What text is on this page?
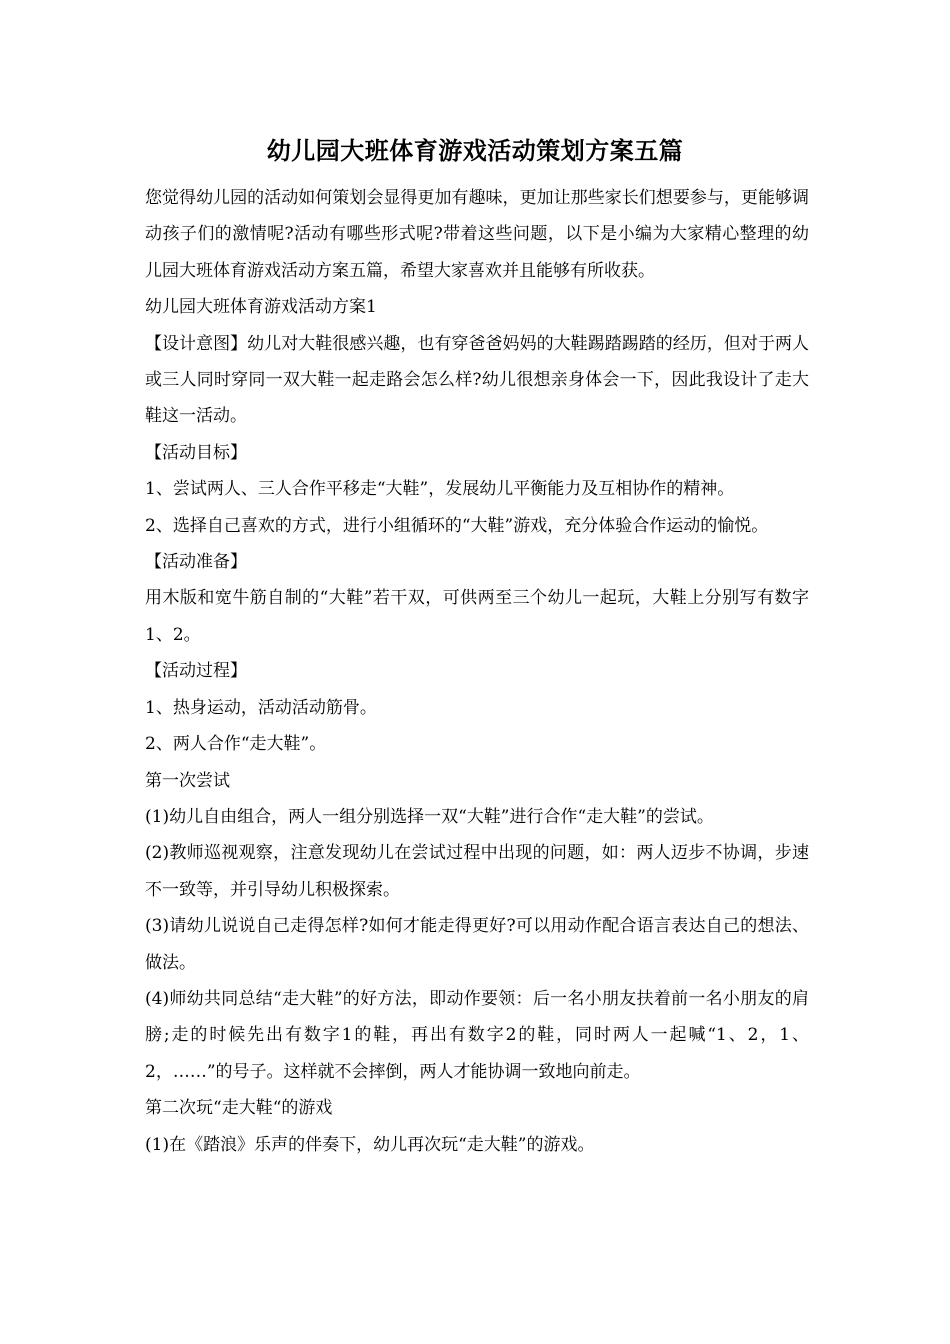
幼儿园大班体育游戏活动策划方案五篇

您觉得幼儿园的活动如何策划会显得更加有趣味，更加让那些家长们想要参与，更能够调动孩子们的激情呢?活动有哪些形式呢?带着这些问题，以下是小编为大家精心整理的幼儿园大班体育游戏活动方案五篇，希望大家喜欢并且能够有所收获。

幼儿园大班体育游戏活动方案1

【设计意图】幼儿对大鞋很感兴趣，也有穿爸爸妈妈的大鞋踢踏踢踏的经历，但对于两人或三人同时穿同一双大鞋一起走路会怎么样?幼儿很想亲身体会一下，因此我设计了走大鞋这一活动。

【活动目标】

1、尝试两人、三人合作平移走“大鞋”，发展幼儿平衡能力及互相协作的精神。

2、选择自己喜欢的方式，进行小组循环的“大鞋”游戏，充分体验合作运动的愉悦。

【活动准备】

用木版和宽牛筋自制的“大鞋”若干双，可供两至三个幼儿一起玩，大鞋上分别写有数字1、2。

【活动过程】

1、热身运动，活动活动筋骨。

2、两人合作“走大鞋”。

第一次尝试

(1)幼儿自由组合，两人一组分别选择一双“大鞋”进行合作“走大鞋”的尝试。

(2)教师巡视观察，注意发现幼儿在尝试过程中出现的问题，如：两人迈步不协调，步速不一致等，并引导幼儿积极探索。

(3)请幼儿说说自己走得怎样?如何才能走得更好?可以用动作配合语言表达自己的想法、做法。

(4)师幼共同总结“走大鞋”的好方法，即动作要领：后一名小朋友扶着前一名小朋友的肩膀;走的时候先出有数字1的鞋，再出有数字2的鞋，同时两人一起喊“1、2，1、2，……”的号子。这样就不会摔倒，两人才能协调一致地向前走。

第二次玩“走大鞋“的游戏

(1)在《踏浪》乐声的伴奏下，幼儿再次玩“走大鞋”的游戏。
